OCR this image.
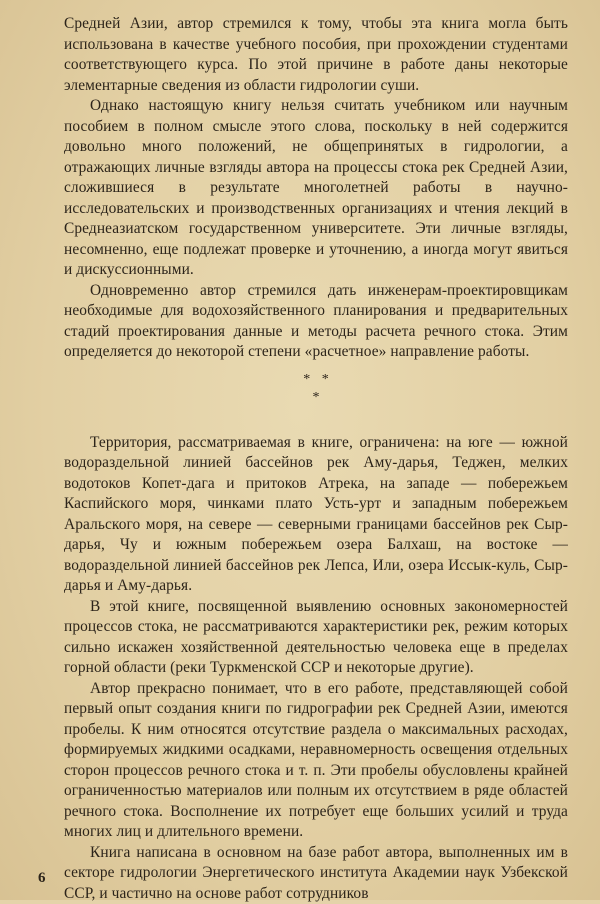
Средней Азии, автор стремился к тому, чтобы эта книга могла быть использована в качестве учебного пособия, при прохождении студентами соответствующего курса. По этой причине в работе даны некоторые элементарные сведения из области гидрологии суши.

Однако настоящую книгу нельзя считать учебником или научным пособием в полном смысле этого слова, поскольку в ней содержится довольно много положений, не общепринятых в гидрологии, а отражающих личные взгляды автора на процессы стока рек Средней Азии, сложившиеся в результате многолетней работы в научно-исследовательских и производственных организациях и чтения лекций в Среднеазиатском государственном университете. Эти личные взгляды, несомненно, еще подлежат проверке и уточнению, а иногда могут явиться и дискуссионными.

Одновременно автор стремился дать инженерам-проектировщикам необходимые для водохозяйственного планирования и предварительных стадий проектирования данные и методы расчета речного стока. Этим определяется до некоторой степени «расчетное» направление работы.

* *
*

Территория, рассматриваемая в книге, ограничена: на юге — южной водораздельной линией бассейнов рек Аму-дарья, Теджен, мелких водотоков Копет-дага и притоков Атрека, на западе — побережьем Каспийского моря, чинками плато Усть-урт и западным побережьем Аральского моря, на севере — северными границами бассейнов рек Сыр-дарья, Чу и южным побережьем озера Балхаш, на востоке — водораздельной линией бассейнов рек Лепса, Или, озера Иссык-куль, Сыр-дарья и Аму-дарья.

В этой книге, посвященной выявлению основных закономерностей процессов стока, не рассматриваются характеристики рек, режим которых сильно искажен хозяйственной деятельностью человека еще в пределах горной области (реки Туркменской ССР и некоторые другие).

Автор прекрасно понимает, что в его работе, представляющей собой первый опыт создания книги по гидрографии рек Средней Азии, имеются пробелы. К ним относятся отсутствие раздела о максимальных расходах, формируемых жидкими осадками, неравномерность освещения отдельных сторон процессов речного стока и т. п. Эти пробелы обусловлены крайней ограниченностью материалов или полным их отсутствием в ряде областей речного стока. Восполнение их потребует еще больших усилий и труда многих лиц и длительного времени.

Книга написана в основном на базе работ автора, выполненных им в секторе гидрологии Энергетического института Академии наук Узбекской ССР, и частично на основе работ сотрудников

6
